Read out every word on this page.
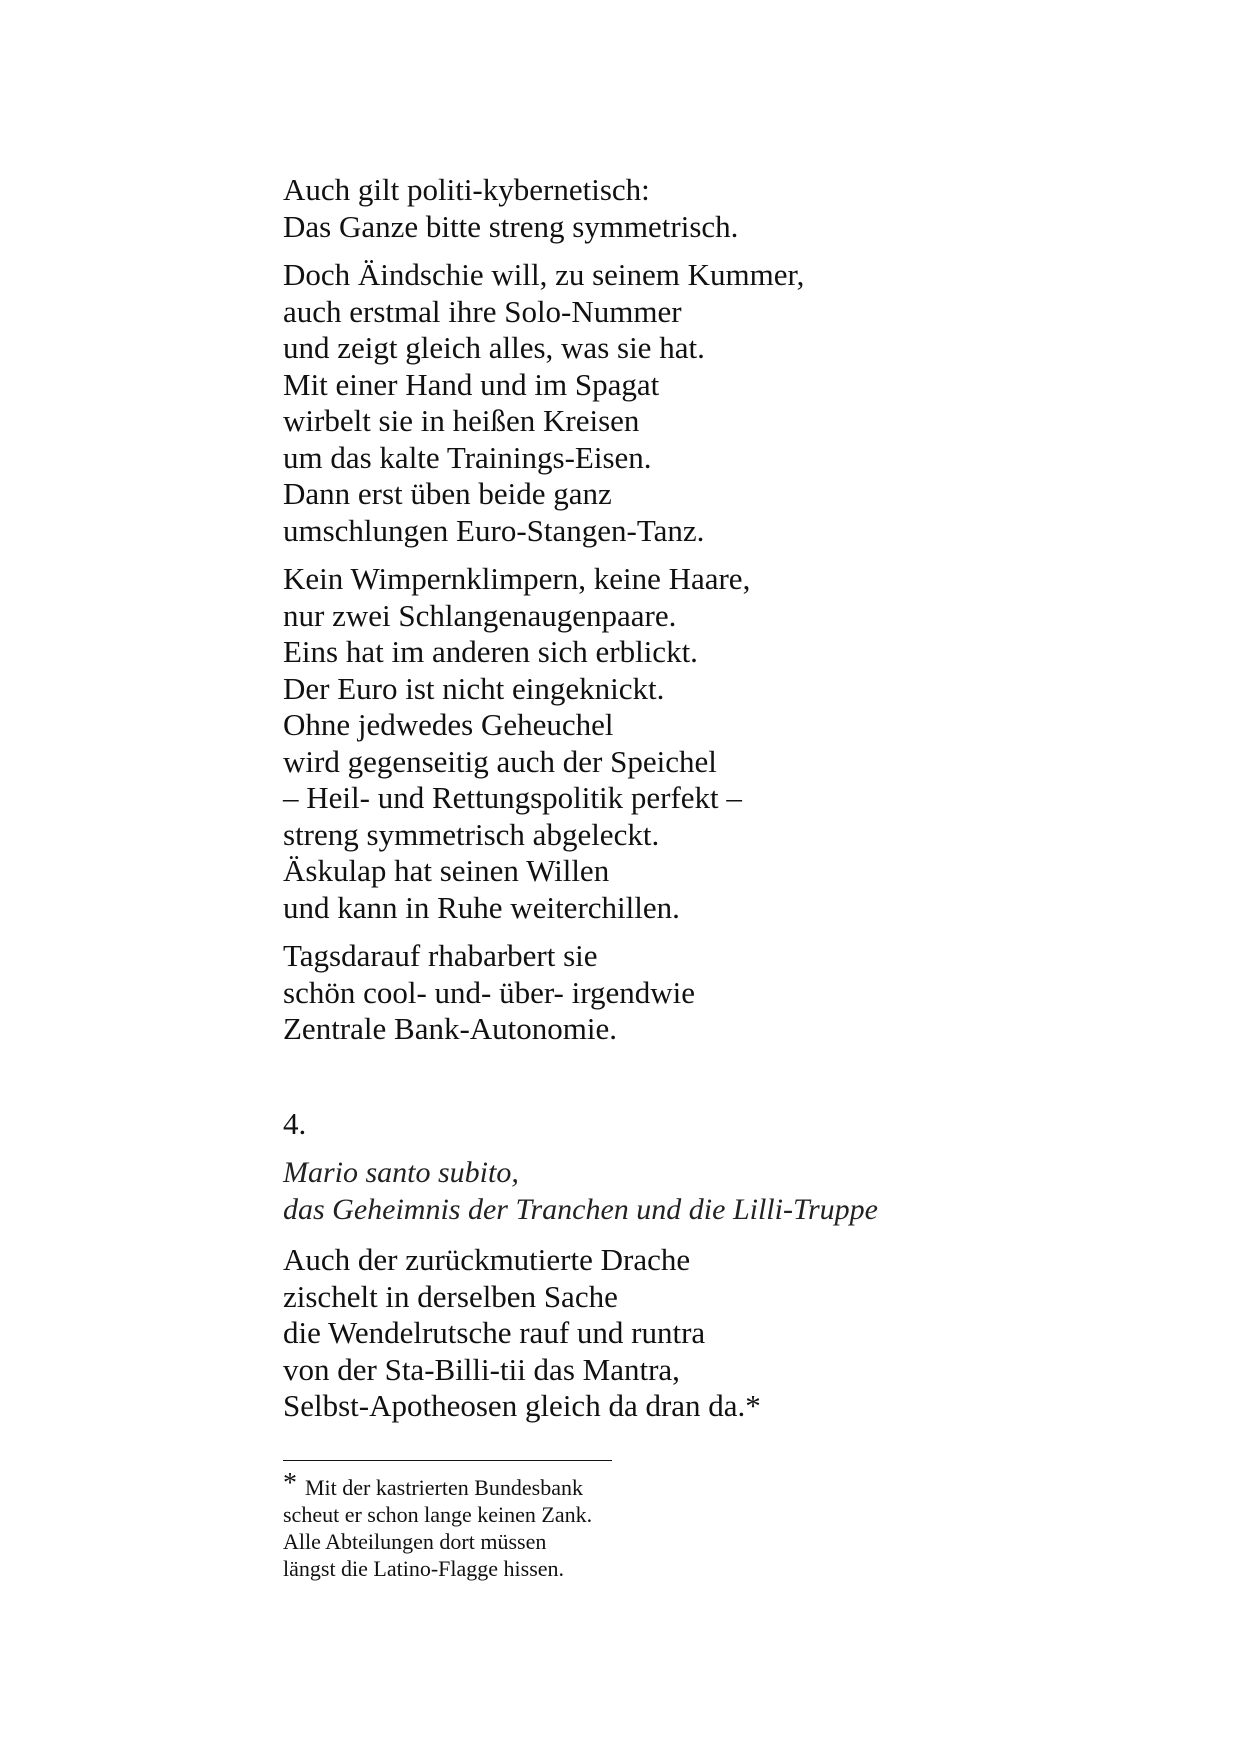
Auch gilt politi-kybernetisch:
Das Ganze bitte streng symmetrisch.
Doch Äindschie will, zu seinem Kummer,
auch erstmal ihre Solo-Nummer
und zeigt gleich alles, was sie hat.
Mit einer Hand und im Spagat
wirbelt sie in heißen Kreisen
um das kalte Trainings-Eisen.
Dann erst üben beide ganz
umschlungen Euro-Stangen-Tanz.
Kein Wimpernklimpern, keine Haare,
nur zwei Schlangenaugenpaare.
Eins hat im anderen sich erblickt.
Der Euro ist nicht eingeknickt.
Ohne jedwedes Geheuchel
wird gegenseitig auch der Speichel
– Heil- und Rettungspolitik perfekt –
streng symmetrisch abgeleckt.
Äskulap hat seinen Willen
und kann in Ruhe weiterchillen.
Tagsdarauf rhabarbert sie
schön cool- und- über- irgendwie
Zentrale Bank-Autonomie.
4.
Mario santo subito,
das Geheimnis der Tranchen und die Lilli-Truppe
Auch der zurückmutierte Drache
zischelt in derselben Sache
die Wendelrutsche rauf und runtra
von der Sta-Billi-tii das Mantra,
Selbst-Apotheosen gleich da dran da.*
* Mit der kastrierten Bundesbank
scheut er schon lange keinen Zank.
Alle Abteilungen dort müssen
längst die Latino-Flagge hissen.
